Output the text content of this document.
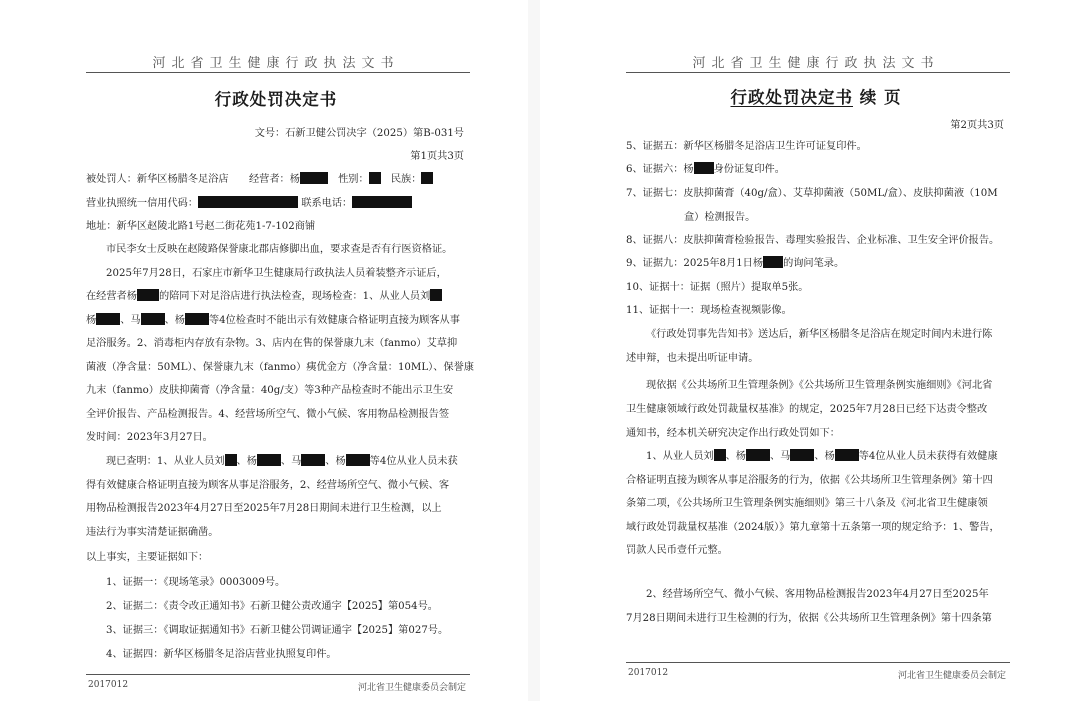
河北省卫生健康行政执法文书
行政处罚决定书
文号：石新卫健公罚决字（2025）第B-031号
第1页共3页
被处罚人：新华区杨腊冬足浴店　　经营者：杨	　性别：　民族：
营业执照统一信用代码：	联系电话：
地址：新华区赵陵北路1号赵二街花苑1-7-102商铺
市民李女士反映在赵陵路保誉康北郡店修脚出血，要求查是否有行医资格证。
2025年7月28日，石家庄市新华卫生健康局行政执法人员着装整齐示证后，
在经营者杨 的陪同下对足浴店进行执法检查，现场检查：1、从业人员刘
杨 、马 、杨 等4位检查时不能出示有效健康合格证明直接为顾客从事
足浴服务。2、消毒柜内存放有杂物。3、店内在售的保誉康九末（fanmo）艾草抑
菌液（净含量：50ML）、保誉康九末（fanmo）痍优金方（净含量：10ML）、保誉康
九末（fanmo）皮肤抑菌膏（净含量：40g/支）等3种产品检查时不能出示卫生安
全评价报告、产品检测报告。4、经营场所空气、微小气候、客用物品检测报告签
发时间：2023年3月27日。
现已查明：1、从业人员刘 、杨 、马 、杨 等4位从业人员未获
得有效健康合格证明直接为顾客从事足浴服务，2、经营场所空气、微小气候、客
用物品检测报告2023年4月27日至2025年7月28日期间未进行卫生检测，以上
违法行为事实清楚证据确凿。
以上事实，主要证据如下：
1、证据一：《现场笔录》0003009号。
2、证据二：《责令改正通知书》石新卫健公责改通字【2025】第054号。
3、证据三：《调取证据通知书》石新卫健公罚调证通字【2025】第027号。
4、证据四：新华区杨腊冬足浴店营业执照复印件。
2017012	河北省卫生健康委员会制定
河北省卫生健康行政执法文书
行政处罚决定书 续 页
第2页共3页
5、证据五：新华区杨腊冬足浴店卫生许可证复印件。
6、证据六：杨 身份证复印件。
7、证据七：皮肤抑菌膏（40g/盒）、艾草抑菌液（50ML/盒）、皮肤抑菌液（10M
盒）检测报告。
8、证据八：皮肤抑菌膏检验报告、毒理实验报告、企业标准、卫生安全评价报告。
9、证据九：2025年8月1日杨 的询问笔录。
10、证据十：证据（照片）提取单5张。
11、证据十一：现场检查视频影像。
《行政处罚事先告知书》送达后，新华区杨腊冬足浴店在规定时间内未进行陈
述申辩，也未提出听证申请。
现依据《公共场所卫生管理条例》《公共场所卫生管理条例实施细则》《河北省
卫生健康领域行政处罚裁量权基准》的规定，2025年7月28日已经下达责令整改
通知书，经本机关研究决定作出行政处罚如下：
1、从业人员刘 、杨 、马 、杨 等4位从业人员未获得有效健康
合格证明直接为顾客从事足浴服务的行为，依据《公共场所卫生管理条例》第十四
条第二项，《公共场所卫生管理条例实施细则》第三十八条及《河北省卫生健康领
域行政处罚裁量权基准（2024版）》第九章第十五条第一项的规定给予：1、警告，
罚款人民币壹仟元整。
2、经营场所空气、微小气候、客用物品检测报告2023年4月27日至2025年
7月28日期间未进行卫生检测的行为，依据《公共场所卫生管理条例》第十四条第
2017012	河北省卫生健康委员会制定
